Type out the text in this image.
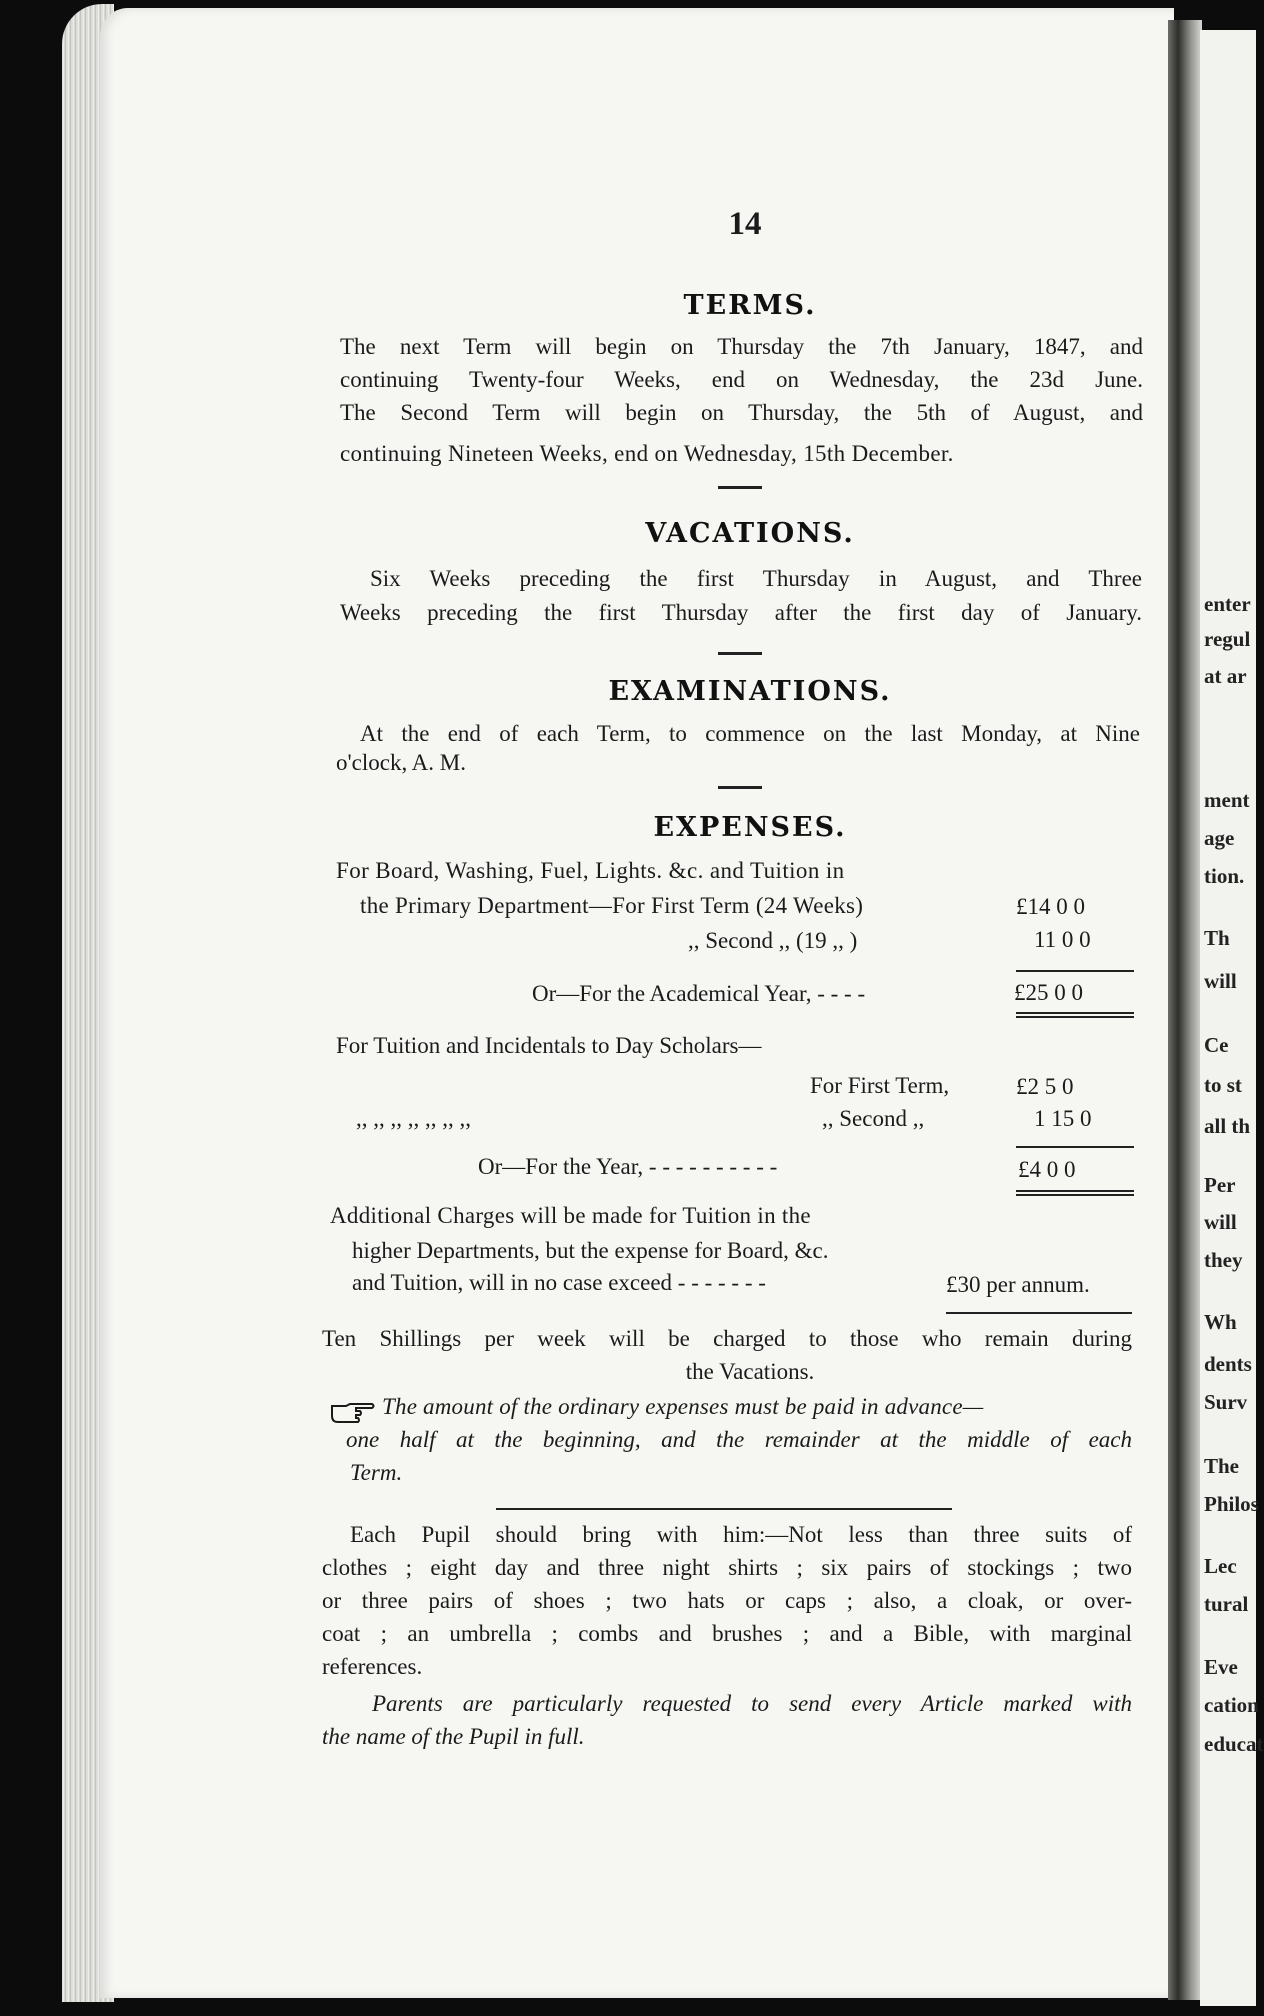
enter
regul
at ar
ment
age
tion.
Th
will
Ce
to st
all th
Per
will
they
Wh
dents
Surv
The
Philos
Lec
tural
Eve
cation
educat
14
TERMS.
The next Term will begin on Thursday the 7th January, 1847, and
continuing Twenty-four Weeks, end on Wednesday, the 23d June.
The Second Term will begin on Thursday, the 5th of August, and
continuing Nineteen Weeks, end on Wednesday, 15th December.
VACATIONS.
Six Weeks preceding the first Thursday in August, and Three
Weeks preceding the first Thursday after the first day of January.
EXAMINATIONS.
At the end of each Term, to commence on the last Monday, at Nine
o'clock, A. M.
EXPENSES.
For Board, Washing, Fuel, Lights. &c. and Tuition in
the Primary Department—For First Term (24 Weeks)	£14 0 0
,, Second ,, (19 ,, )	11 0 0
Or—For the Academical Year, - - - -	£25 0 0
For Tuition and Incidentals to Day Scholars—
For First Term,	£2 5 0
,, ,, ,, ,, ,, ,, ,,	,, Second ,,	1 15 0
Or—For the Year, - - - - - - - - - -	£4 0 0
Additional Charges will be made for Tuition in the
higher Departments, but the expense for Board, &c.
and Tuition, will in no case exceed - - - - - - -	£30 per annum.
Ten Shillings per week will be charged to those who remain during
the Vacations.
The amount of the ordinary expenses must be paid in advance—
one half at the beginning, and the remainder at the middle of each
Term.
Each Pupil should bring with him:—Not less than three suits of
clothes ; eight day and three night shirts ; six pairs of stockings ; two
or three pairs of shoes ; two hats or caps ; also, a cloak, or over-
coat ; an umbrella ; combs and brushes ; and a Bible, with marginal
references.
Parents are particularly requested to send every Article marked with
the name of the Pupil in full.
